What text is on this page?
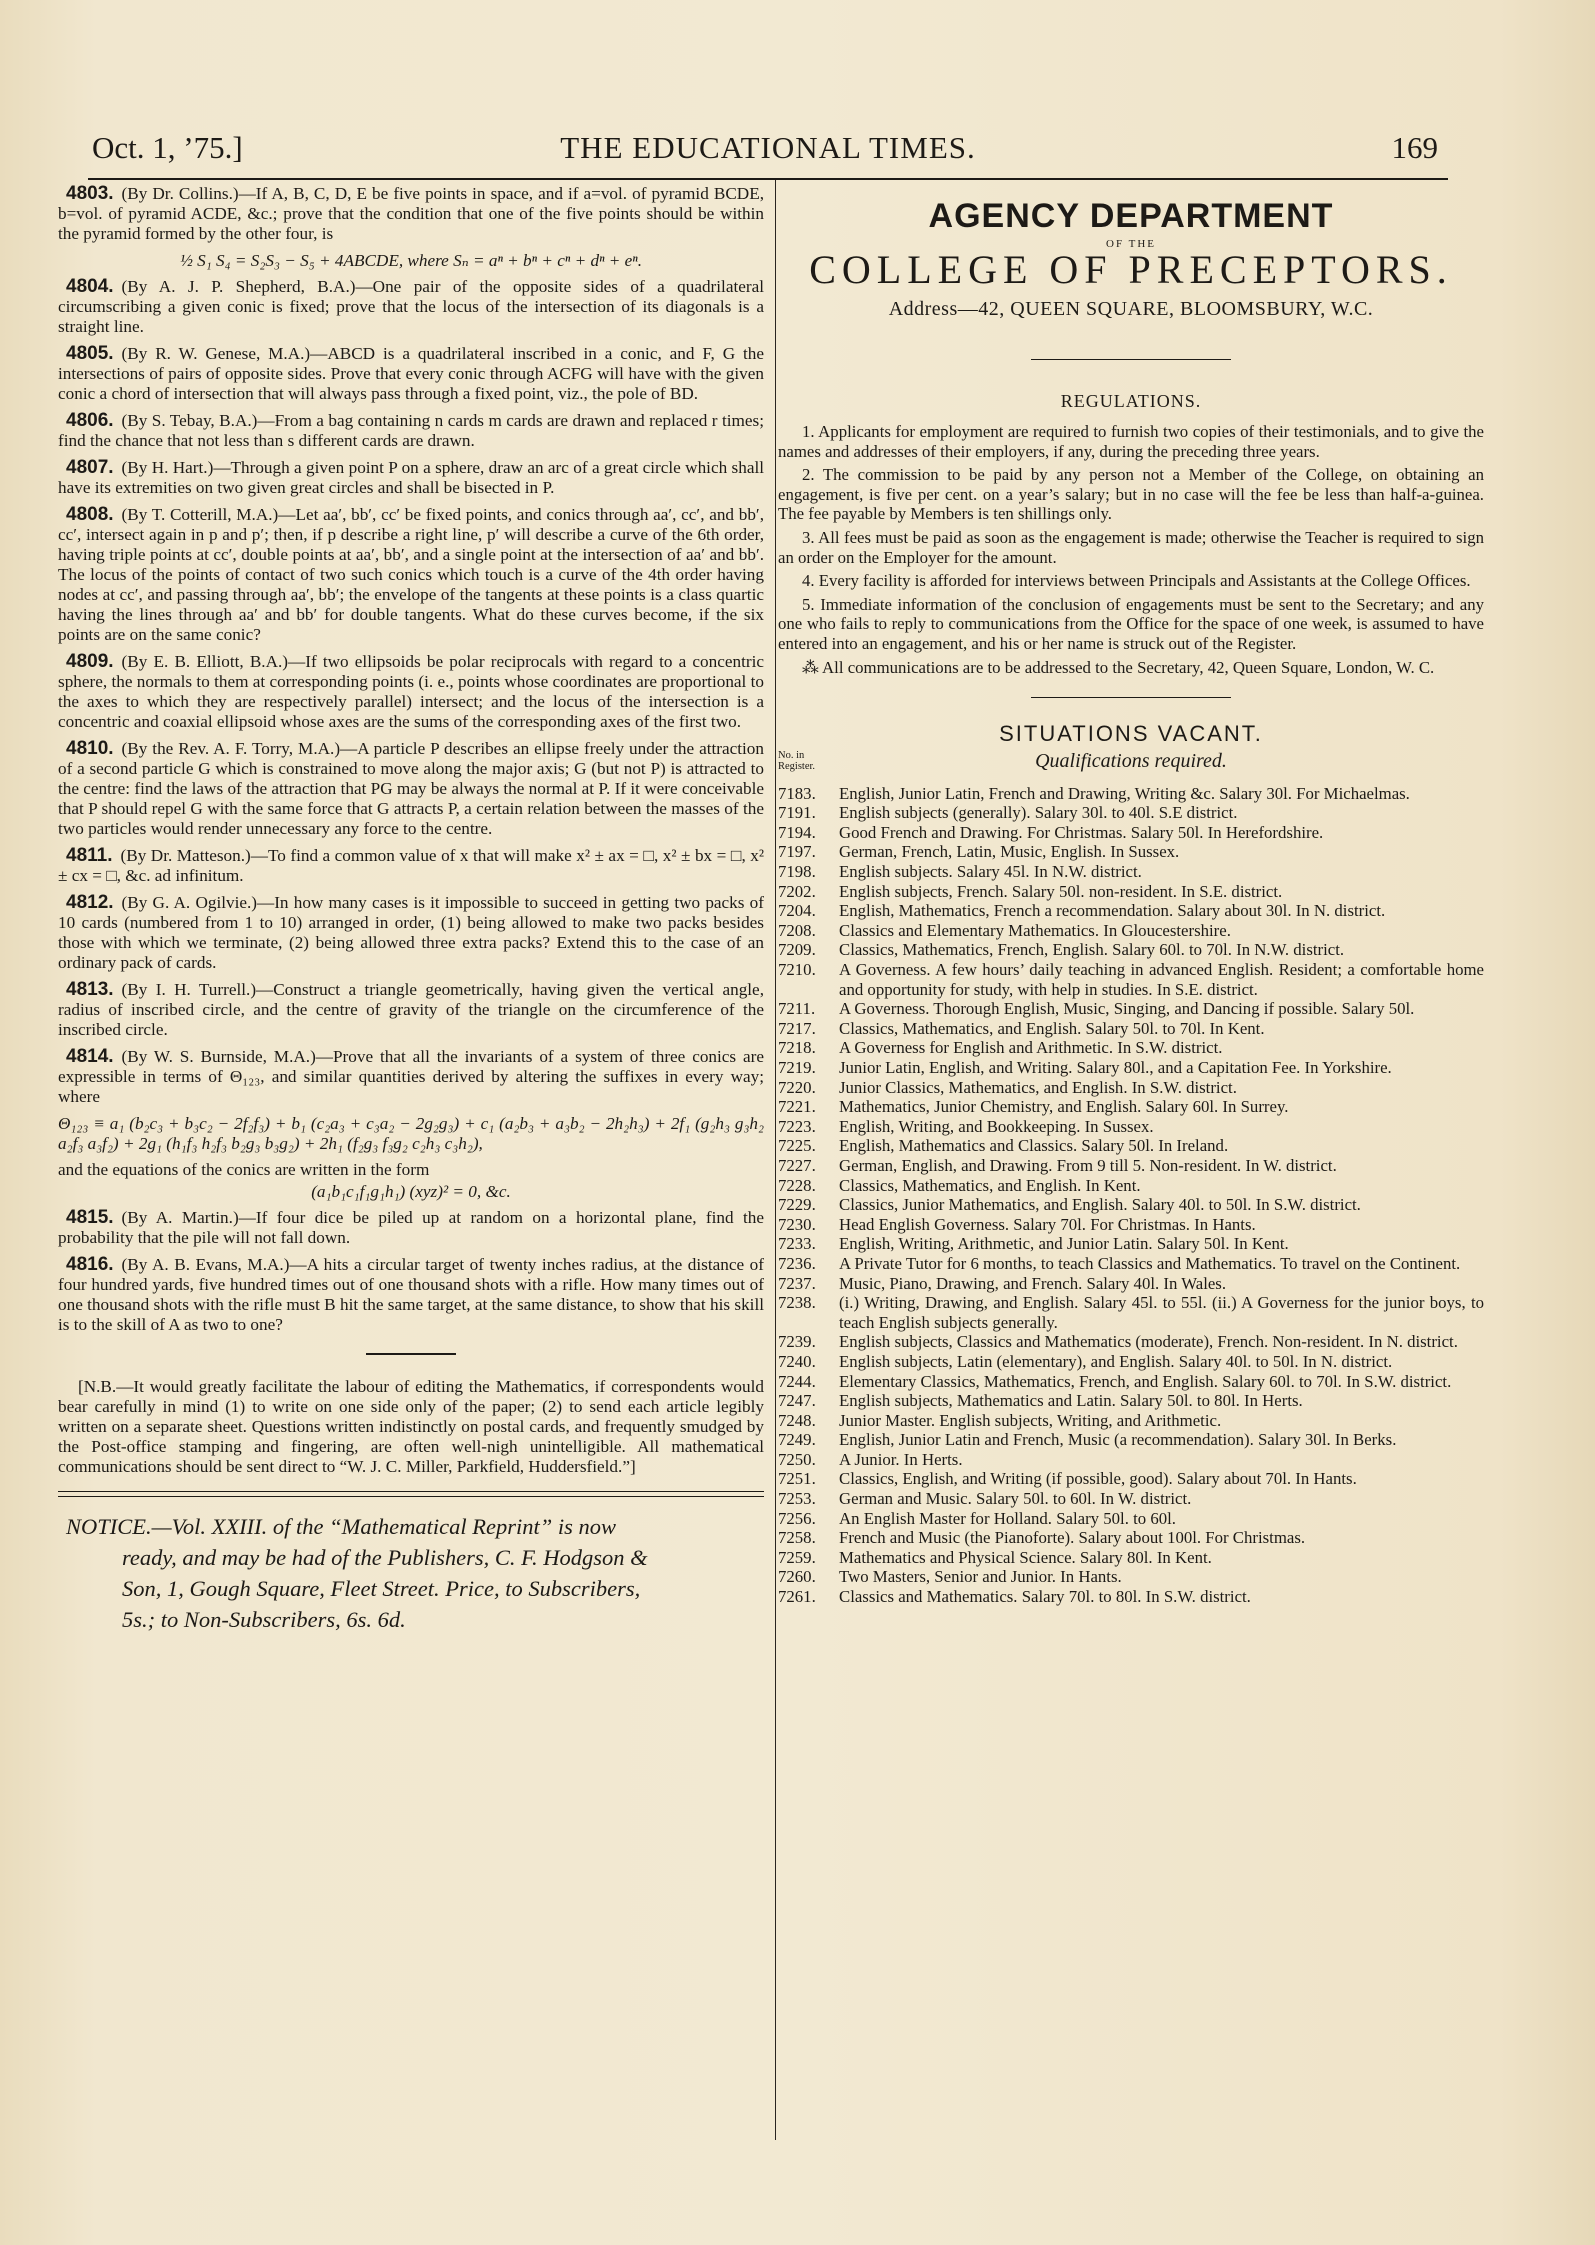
Oct. 1, ’75.]	THE EDUCATIONAL TIMES.	169

4803. (By Dr. Collins.)—If A, B, C, D, E be five points in space, and if a=vol. of pyramid BCDE, b=vol. of pyramid ACDE, &c.; prove that the condition that one of the five points should be within the pyramid formed by the other four, is

½ S₁ S₄ = S₂S₃ − S₅ + 4ABCDE, where Sₙ = aⁿ + bⁿ + cⁿ + dⁿ + eⁿ.

4804. (By A. J. P. Shepherd, B.A.)—One pair of the opposite sides of a quadrilateral circumscribing a given conic is fixed; prove that the locus of the intersection of its diagonals is a straight line.

4805. (By R. W. Genese, M.A.)—ABCD is a quadrilateral inscribed in a conic, and F, G the intersections of pairs of opposite sides. Prove that every conic through ACFG will have with the given conic a chord of intersection that will always pass through a fixed point, viz., the pole of BD.

4806. (By S. Tebay, B.A.)—From a bag containing n cards m cards are drawn and replaced r times; find the chance that not less than s different cards are drawn.

4807. (By H. Hart.)—Through a given point P on a sphere, draw an arc of a great circle which shall have its extremities on two given great circles and shall be bisected in P.

4808. (By T. Cotterill, M.A.)—Let aa′, bb′, cc′ be fixed points, and conics through aa′, cc′, and bb′, cc′, intersect again in p and p′; then, if p describe a right line, p′ will describe a curve of the 6th order, having triple points at cc′, double points at aa′, bb′, and a single point at the intersection of aa′ and bb′. The locus of the points of contact of two such conics which touch is a curve of the 4th order having nodes at cc′, and passing through aa′, bb′; the envelope of the tangents at these points is a class quartic having the lines through aa′ and bb′ for double tangents. What do these curves become, if the six points are on the same conic?

4809. (By E. B. Elliott, B.A.)—If two ellipsoids be polar reciprocals with regard to a concentric sphere, the normals to them at corresponding points (i. e., points whose coordinates are proportional to the axes to which they are respectively parallel) intersect; and the locus of the intersection is a concentric and coaxial ellipsoid whose axes are the sums of the corresponding axes of the first two.

4810. (By the Rev. A. F. Torry, M.A.)—A particle P describes an ellipse freely under the attraction of a second particle G which is constrained to move along the major axis; G (but not P) is attracted to the centre: find the laws of the attraction that PG may be always the normal at P. If it were conceivable that P should repel G with the same force that G attracts P, a certain relation between the masses of the two particles would render unnecessary any force to the centre.

4811. (By Dr. Matteson.)—To find a common value of x that will make x² ± ax = □, x² ± bx = □, x² ± cx = □, &c. ad infinitum.

4812. (By G. A. Ogilvie.)—In how many cases is it impossible to succeed in getting two packs of 10 cards (numbered from 1 to 10) arranged in order, (1) being allowed to make two packs besides those with which we terminate, (2) being allowed three extra packs? Extend this to the case of an ordinary pack of cards.

4813. (By I. H. Turrell.)—Construct a triangle geometrically, having given the vertical angle, radius of inscribed circle, and the centre of gravity of the triangle on the circumference of the inscribed circle.

4814. (By W. S. Burnside, M.A.)—Prove that all the invariants of a system of three conics are expressible in terms of Θ₁₂₃, and similar quantities derived by altering the suffixes in every way; where

Θ₁₂₃ ≡ a₁ (b₂c₃ + b₃c₂ − 2f₂f₃) + b₁ (c₂a₃ + c₃a₂ − 2g₂g₃) + c₁ (a₂b₃ + a₃b₂ − 2h₂h₃) + 2f₁ (g₂h₃ g₃h₂ a₂f₃ a₃f₂) + 2g₁ (h₁f₃ h₂f₃ b₂g₃ b₃g₂) + 2h₁ (f₂g₃ f₃g₂ c₂h₃ c₃h₂),

and the equations of the conics are written in the form

(a₁b₁c₁f₁g₁h₁) (xyz)² = 0, &c.

4815. (By A. Martin.)—If four dice be piled up at random on a horizontal plane, find the probability that the pile will not fall down.

4816. (By A. B. Evans, M.A.)—A hits a circular target of twenty inches radius, at the distance of four hundred yards, five hundred times out of one thousand shots with a rifle. How many times out of one thousand shots with the rifle must B hit the same target, at the same distance, to show that his skill is to the skill of A as two to one?

[N.B.—It would greatly facilitate the labour of editing the Mathematics, if correspondents would bear carefully in mind (1) to write on one side only of the paper; (2) to send each article legibly written on a separate sheet. Questions written indistinctly on postal cards, and frequently smudged by the Post-office stamping and fingering, are often well-nigh unintelligible. All mathematical communications should be sent direct to “W. J. C. Miller, Parkfield, Huddersfield.”]

NOTICE.—Vol. XXIII. of the “Mathematical Reprint” is now
ready, and may be had of the Publishers, C. F. Hodgson &
Son, 1, Gough Square, Fleet Street. Price, to Subscribers,
5s.; to Non-Subscribers, 6s. 6d.
AGENCY DEPARTMENT
OF THE
COLLEGE OF PRECEPTORS.
Address—42, QUEEN SQUARE, BLOOMSBURY, W.C.
REGULATIONS.

1. Applicants for employment are required to furnish two copies of their testimonials, and to give the names and addresses of their employers, if any, during the preceding three years.

2. The commission to be paid by any person not a Member of the College, on obtaining an engagement, is five per cent. on a year’s salary; but in no case will the fee be less than half-a-guinea. The fee payable by Members is ten shillings only.

3. All fees must be paid as soon as the engagement is made; otherwise the Teacher is required to sign an order on the Employer for the amount.

4. Every facility is afforded for interviews between Principals and Assistants at the College Offices.

5. Immediate information of the conclusion of engagements must be sent to the Secretary; and any one who fails to reply to communications from the Office for the space of one week, is assumed to have entered into an engagement, and his or her name is struck out of the Register.

⁂ All communications are to be addressed to the Secretary, 42, Queen Square, London, W. C.

SITUATIONS VACANT.
No. in
Register.	Qualifications required.
7183. English, Junior Latin, French and Drawing, Writing &c. Salary 30l. For Michaelmas.
7191. English subjects (generally). Salary 30l. to 40l. S.E district.
7194. Good French and Drawing. For Christmas. Salary 50l. In Herefordshire.
7197. German, French, Latin, Music, English. In Sussex.
7198. English subjects. Salary 45l. In N.W. district.
7202. English subjects, French. Salary 50l. non-resident. In S.E. district.
7204. English, Mathematics, French a recommendation. Salary about 30l. In N. district.
7208. Classics and Elementary Mathematics. In Gloucestershire.
7209. Classics, Mathematics, French, English. Salary 60l. to 70l. In N.W. district.
7210. A Governess. A few hours’ daily teaching in advanced English. Resident; a comfortable home and opportunity for study, with help in studies. In S.E. district.
7211. A Governess. Thorough English, Music, Singing, and Dancing if possible. Salary 50l.
7217. Classics, Mathematics, and English. Salary 50l. to 70l. In Kent.
7218. A Governess for English and Arithmetic. In S.W. district.
7219. Junior Latin, English, and Writing. Salary 80l., and a Capitation Fee. In Yorkshire.
7220. Junior Classics, Mathematics, and English. In S.W. district.
7221. Mathematics, Junior Chemistry, and English. Salary 60l. In Surrey.
7223. English, Writing, and Bookkeeping. In Sussex.
7225. English, Mathematics and Classics. Salary 50l. In Ireland.
7227. German, English, and Drawing. From 9 till 5. Non-resident. In W. district.
7228. Classics, Mathematics, and English. In Kent.
7229. Classics, Junior Mathematics, and English. Salary 40l. to 50l. In S.W. district.
7230. Head English Governess. Salary 70l. For Christmas. In Hants.
7233. English, Writing, Arithmetic, and Junior Latin. Salary 50l. In Kent.
7236. A Private Tutor for 6 months, to teach Classics and Mathematics. To travel on the Continent.
7237. Music, Piano, Drawing, and French. Salary 40l. In Wales.
7238. (i.) Writing, Drawing, and English. Salary 45l. to 55l. (ii.) A Governess for the junior boys, to teach English subjects generally.
7239. English subjects, Classics and Mathematics (moderate), French. Non-resident. In N. district.
7240. English subjects, Latin (elementary), and English. Salary 40l. to 50l. In N. district.
7244. Elementary Classics, Mathematics, French, and English. Salary 60l. to 70l. In S.W. district.
7247. English subjects, Mathematics and Latin. Salary 50l. to 80l. In Herts.
7248. Junior Master. English subjects, Writing, and Arithmetic.
7249. English, Junior Latin and French, Music (a recommendation). Salary 30l. In Berks.
7250. A Junior. In Herts.
7251. Classics, English, and Writing (if possible, good). Salary about 70l. In Hants.
7253. German and Music. Salary 50l. to 60l. In W. district.
7256. An English Master for Holland. Salary 50l. to 60l.
7258. French and Music (the Pianoforte). Salary about 100l. For Christmas.
7259. Mathematics and Physical Science. Salary 80l. In Kent.
7260. Two Masters, Senior and Junior. In Hants.
7261. Classics and Mathematics. Salary 70l. to 80l. In S.W. district.
